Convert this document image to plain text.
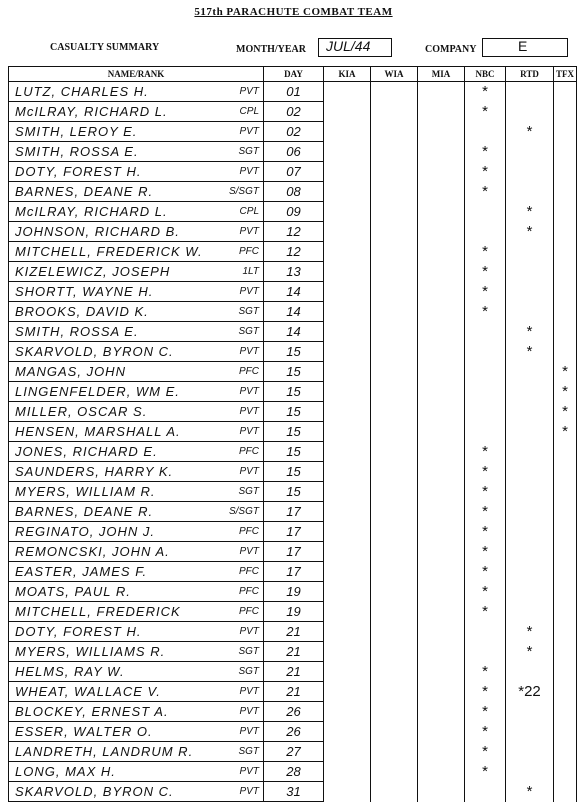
517th PARACHUTE COMBAT TEAM
CASUALTY SUMMARY	MONTH/YEAR JUL/44	COMPANY	E
NAME/RANK	DAY	KIA	WIA	MIA	NBC	RTD	TFX

LUTZ, CHARLES H. PVT	01				*		

McILRAY, RICHARD L. CPL	02				*		

SMITH, LEROY E. PVT	02					*	

SMITH, ROSSA E. SGT	06				*		

DOTY, FOREST H. PVT	07				*		

BARNES, DEANE R. S/SGT	08				*		

McILRAY, RICHARD L. CPL	09					*	

JOHNSON, RICHARD B. PVT	12					*	

MITCHELL, FREDERICK W. PFC	12				*		

KIZELEWICZ, JOSEPH 1LT	13				*		

SHORTT, WAYNE H. PVT	14				*		

BROOKS, DAVID K. SGT	14				*		

SMITH, ROSSA E. SGT	14					*	

SKARVOLD, BYRON C. PVT	15					*	

MANGAS, JOHN PFC	15						*

LINGENFELDER, WM E. PVT	15						*

MILLER, OSCAR S. PVT	15						*

HENSEN, MARSHALL A. PVT	15						*

JONES, RICHARD E. PFC	15				*		

SAUNDERS, HARRY K. PVT	15				*		

MYERS, WILLIAM R. SGT	15				*		

BARNES, DEANE R. S/SGT	17				*		

REGINATO, JOHN J. PFC	17				*		

REMONCSKI, JOHN A. PVT	17				*		

EASTER, JAMES F. PFC	17				*		

MOATS, PAUL R. PFC	19				*		

MITCHELL, FREDERICK PFC	19				*		

DOTY, FOREST H. PVT	21					*	

MYERS, WILLIAMS R. SGT	21					*	

HELMS, RAY W. SGT	21				*		

WHEAT, WALLACE V. PVT	21				*	*22	

BLOCKEY, ERNEST A. PVT	26				*		

ESSER, WALTER O. PVT	26				*		

LANDRETH, LANDRUM R. SGT	27				*		

LONG, MAX H. PVT	28				*		

SKARVOLD, BYRON C. PVT	31					*	
